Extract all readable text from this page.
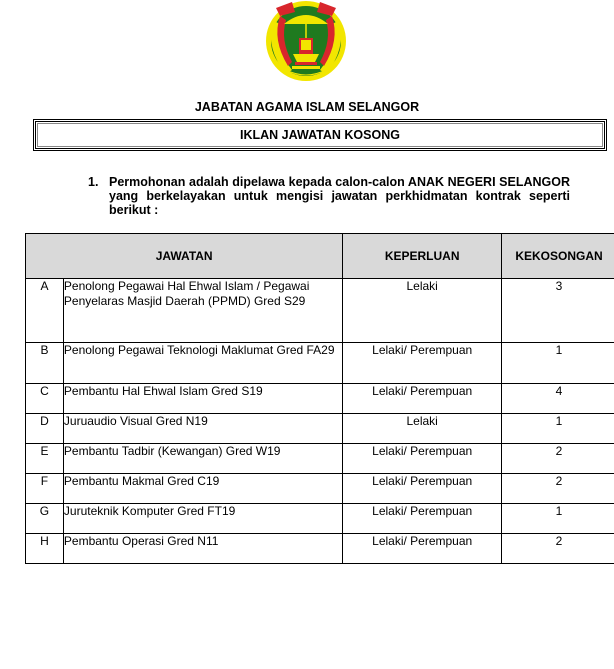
JABATAN AGAMA ISLAM SELANGOR
IKLAN JAWATAN KOSONG
1. Permohonan adalah dipelawa kepada calon-calon ANAK NEGERI SELANGOR yang berkelayakan untuk mengisi jawatan perkhidmatan kontrak seperti berikut :
JAWATAN		KEPERLUAN	KEKOSONGAN
A	Penolong Pegawai Hal Ehwal Islam / Pegawai Penyelaras Masjid Daerah (PPMD) Gred S29	Lelaki	3
B	Penolong Pegawai Teknologi Maklumat Gred FA29	Lelaki/ Perempuan	1
C	Pembantu Hal Ehwal Islam Gred S19	Lelaki/ Perempuan	4
D	Juruaudio Visual Gred N19	Lelaki	1
E	Pembantu Tadbir (Kewangan) Gred W19	Lelaki/ Perempuan	2
F	Pembantu Makmal Gred C19	Lelaki/ Perempuan	2
G	Juruteknik Komputer Gred FT19	Lelaki/ Perempuan	1
H	Pembantu Operasi Gred N11	Lelaki/ Perempuan	2
